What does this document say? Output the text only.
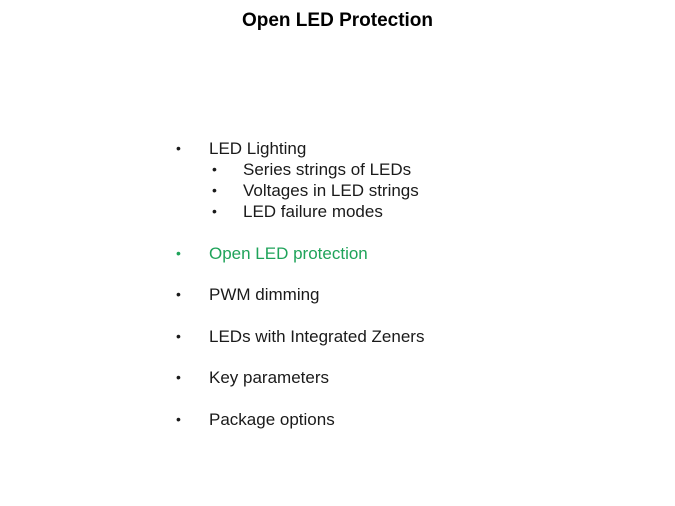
Open LED Protection
•	LED Lighting
• Series strings of LEDs
• Voltages in LED strings
• LED failure modes
•	Open LED protection
•	PWM dimming
•	LEDs with Integrated Zeners
•	Key parameters
•	Package options
